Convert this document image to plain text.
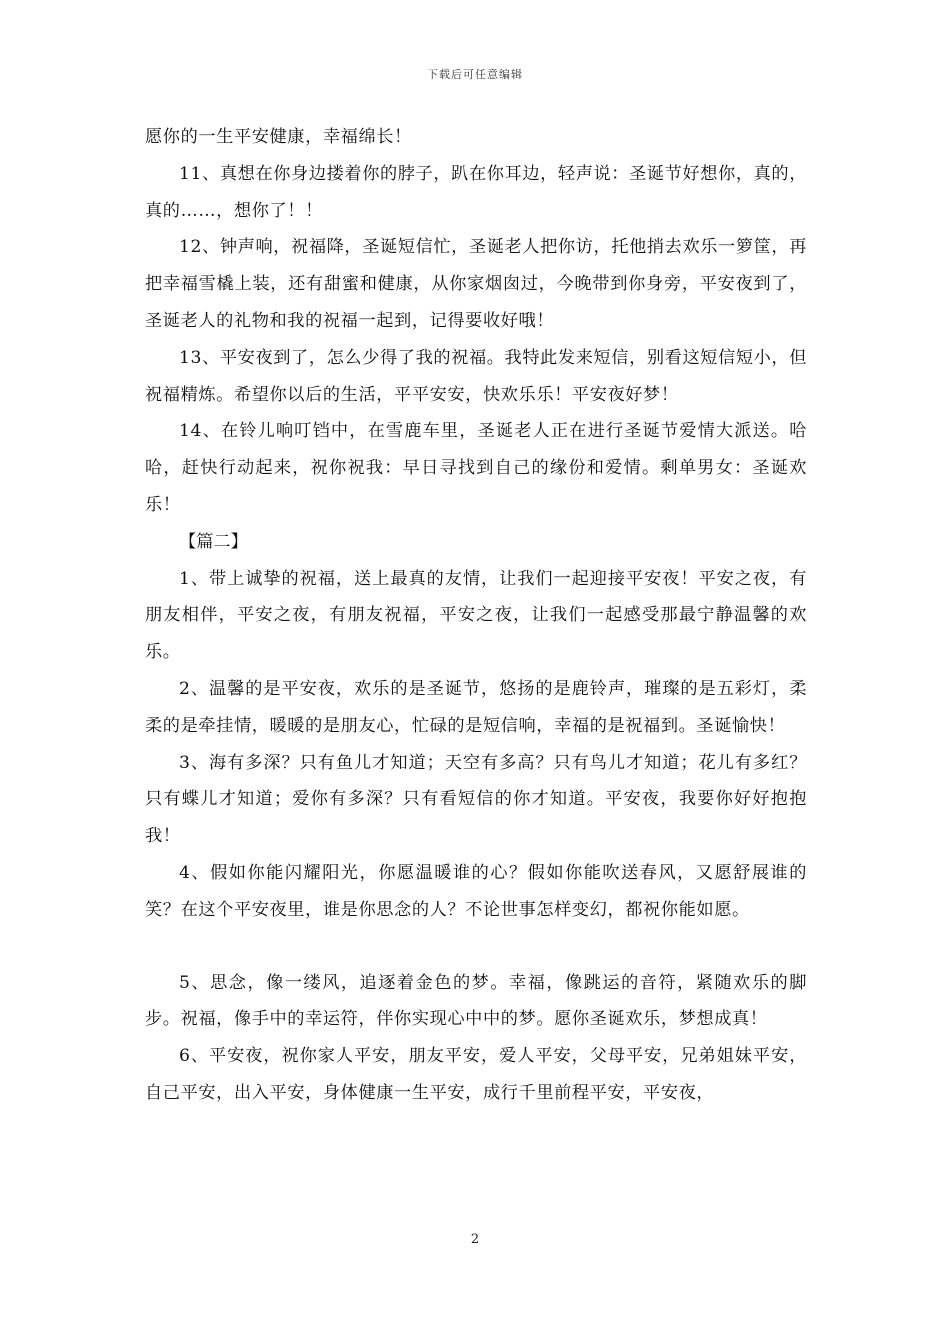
下载后可任意编辑

愿你的一生平安健康，幸福绵长！

11、真想在你身边搂着你的脖子，趴在你耳边，轻声说：圣诞节好想你，真的，真的……，想你了！！

12、钟声响，祝福降，圣诞短信忙，圣诞老人把你访，托他捎去欢乐一箩筐，再把幸福雪橇上装，还有甜蜜和健康，从你家烟囱过，今晚带到你身旁，平安夜到了，圣诞老人的礼物和我的祝福一起到，记得要收好哦！

13、平安夜到了，怎么少得了我的祝福。我特此发来短信，别看这短信短小，但祝福精炼。希望你以后的生活，平平安安，快欢乐乐！平安夜好梦！

14、在铃儿响叮铛中，在雪鹿车里，圣诞老人正在进行圣诞节爱情大派送。哈哈，赶快行动起来，祝你祝我：早日寻找到自己的缘份和爱情。剩单男女：圣诞欢乐！

【篇二】

1、带上诚挚的祝福，送上最真的友情，让我们一起迎接平安夜！平安之夜，有朋友相伴，平安之夜，有朋友祝福，平安之夜，让我们一起感受那最宁静温馨的欢乐。

2、温馨的是平安夜，欢乐的是圣诞节，悠扬的是鹿铃声，璀璨的是五彩灯，柔柔的是牵挂情，暖暖的是朋友心，忙碌的是短信响，幸福的是祝福到。圣诞愉快！

3、海有多深？只有鱼儿才知道；天空有多高？只有鸟儿才知道；花儿有多红？只有蝶儿才知道；爱你有多深？只有看短信的你才知道。平安夜，我要你好好抱抱我！

4、假如你能闪耀阳光，你愿温暖谁的心？假如你能吹送春风，又愿舒展谁的笑？在这个平安夜里，谁是你思念的人？不论世事怎样变幻，都祝你能如愿。

5、思念，像一缕风，追逐着金色的梦。幸福，像跳运的音符，紧随欢乐的脚步。祝福，像手中的幸运符，伴你实现心中中的梦。愿你圣诞欢乐，梦想成真！

6、平安夜，祝你家人平安，朋友平安，爱人平安，父母平安，兄弟姐妹平安，自己平安，出入平安，身体健康一生平安，成行千里前程平安，平安夜，

2
